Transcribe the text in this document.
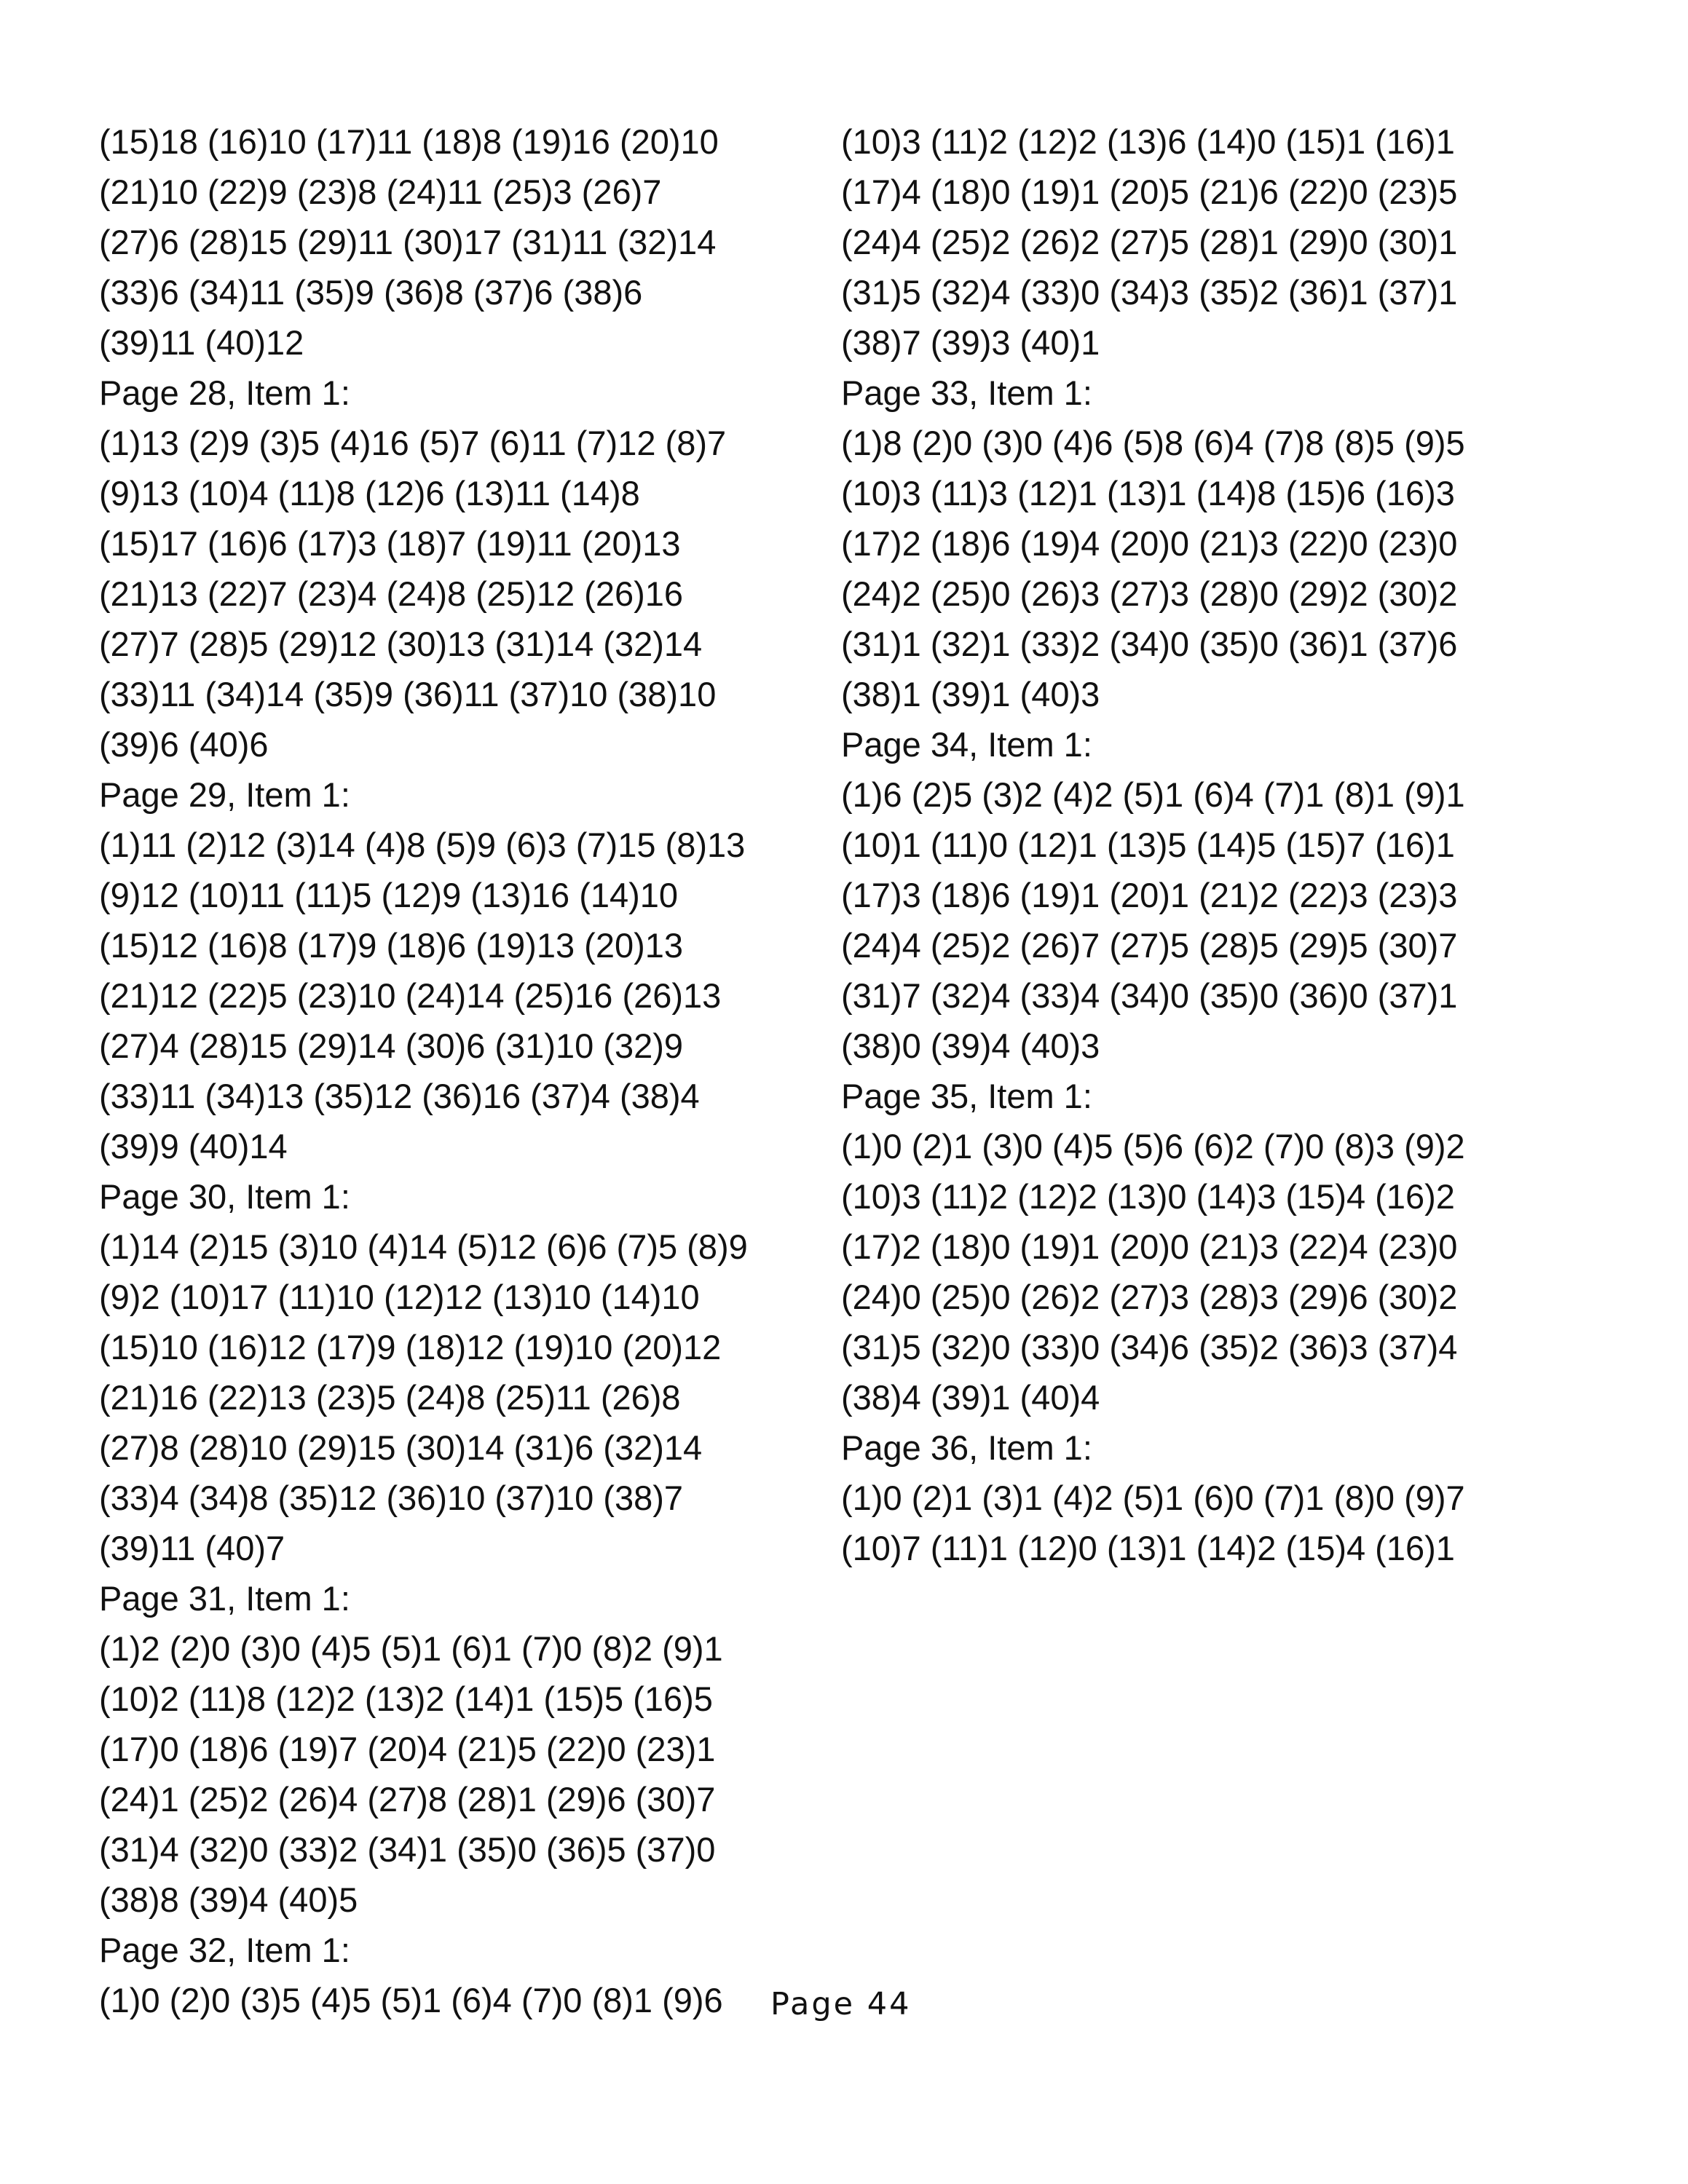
(15)18 (16)10 (17)11 (18)8 (19)16 (20)10
(21)10 (22)9 (23)8 (24)11 (25)3 (26)7
(27)6 (28)15 (29)11 (30)17 (31)11 (32)14
(33)6 (34)11 (35)9 (36)8 (37)6 (38)6
(39)11 (40)12
Page 28, Item 1:
(1)13 (2)9 (3)5 (4)16 (5)7 (6)11 (7)12 (8)7
(9)13 (10)4 (11)8 (12)6 (13)11 (14)8
(15)17 (16)6 (17)3 (18)7 (19)11 (20)13
(21)13 (22)7 (23)4 (24)8 (25)12 (26)16
(27)7 (28)5 (29)12 (30)13 (31)14 (32)14
(33)11 (34)14 (35)9 (36)11 (37)10 (38)10
(39)6 (40)6
Page 29, Item 1:
(1)11 (2)12 (3)14 (4)8 (5)9 (6)3 (7)15 (8)13
(9)12 (10)11 (11)5 (12)9 (13)16 (14)10
(15)12 (16)8 (17)9 (18)6 (19)13 (20)13
(21)12 (22)5 (23)10 (24)14 (25)16 (26)13
(27)4 (28)15 (29)14 (30)6 (31)10 (32)9
(33)11 (34)13 (35)12 (36)16 (37)4 (38)4
(39)9 (40)14
Page 30, Item 1:
(1)14 (2)15 (3)10 (4)14 (5)12 (6)6 (7)5 (8)9
(9)2 (10)17 (11)10 (12)12 (13)10 (14)10
(15)10 (16)12 (17)9 (18)12 (19)10 (20)12
(21)16 (22)13 (23)5 (24)8 (25)11 (26)8
(27)8 (28)10 (29)15 (30)14 (31)6 (32)14
(33)4 (34)8 (35)12 (36)10 (37)10 (38)7
(39)11 (40)7
Page 31, Item 1:
(1)2 (2)0 (3)0 (4)5 (5)1 (6)1 (7)0 (8)2 (9)1
(10)2 (11)8 (12)2 (13)2 (14)1 (15)5 (16)5
(17)0 (18)6 (19)7 (20)4 (21)5 (22)0 (23)1
(24)1 (25)2 (26)4 (27)8 (28)1 (29)6 (30)7
(31)4 (32)0 (33)2 (34)1 (35)0 (36)5 (37)0
(38)8 (39)4 (40)5
Page 32, Item 1:
(1)0 (2)0 (3)5 (4)5 (5)1 (6)4 (7)0 (8)1 (9)6
(10)3 (11)2 (12)2 (13)6 (14)0 (15)1 (16)1
(17)4 (18)0 (19)1 (20)5 (21)6 (22)0 (23)5
(24)4 (25)2 (26)2 (27)5 (28)1 (29)0 (30)1
(31)5 (32)4 (33)0 (34)3 (35)2 (36)1 (37)1
(38)7 (39)3 (40)1
Page 33, Item 1:
(1)8 (2)0 (3)0 (4)6 (5)8 (6)4 (7)8 (8)5 (9)5
(10)3 (11)3 (12)1 (13)1 (14)8 (15)6 (16)3
(17)2 (18)6 (19)4 (20)0 (21)3 (22)0 (23)0
(24)2 (25)0 (26)3 (27)3 (28)0 (29)2 (30)2
(31)1 (32)1 (33)2 (34)0 (35)0 (36)1 (37)6
(38)1 (39)1 (40)3
Page 34, Item 1:
(1)6 (2)5 (3)2 (4)2 (5)1 (6)4 (7)1 (8)1 (9)1
(10)1 (11)0 (12)1 (13)5 (14)5 (15)7 (16)1
(17)3 (18)6 (19)1 (20)1 (21)2 (22)3 (23)3
(24)4 (25)2 (26)7 (27)5 (28)5 (29)5 (30)7
(31)7 (32)4 (33)4 (34)0 (35)0 (36)0 (37)1
(38)0 (39)4 (40)3
Page 35, Item 1:
(1)0 (2)1 (3)0 (4)5 (5)6 (6)2 (7)0 (8)3 (9)2
(10)3 (11)2 (12)2 (13)0 (14)3 (15)4 (16)2
(17)2 (18)0 (19)1 (20)0 (21)3 (22)4 (23)0
(24)0 (25)0 (26)2 (27)3 (28)3 (29)6 (30)2
(31)5 (32)0 (33)0 (34)6 (35)2 (36)3 (37)4
(38)4 (39)1 (40)4
Page 36, Item 1:
(1)0 (2)1 (3)1 (4)2 (5)1 (6)0 (7)1 (8)0 (9)7
(10)7 (11)1 (12)0 (13)1 (14)2 (15)4 (16)1
Page 44
